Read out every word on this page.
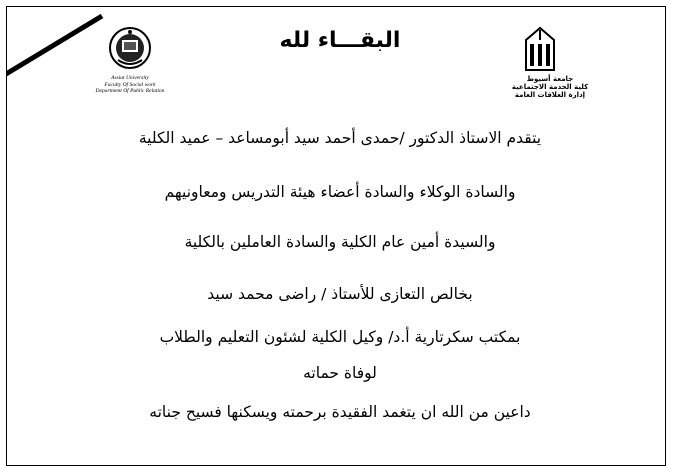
Assiut University
Faculty Of Social work
Department Of Public Relation
جامعة أسيوط
كلية الخدمة الاجتماعية
إدارة العلاقات العامة
البقـــاء لله
يتقدم الاستاذ الدكتور /حمدى أحمد سيد أبومساعد – عميد الكلية
والسادة الوكلاء والسادة أعضاء هيئة التدريس ومعاونيهم
والسيدة أمين عام الكلية والسادة العاملين بالكلية
بخالص التعازى للأستاذ / راضى محمد سيد
بمكتب سكرتارية أ.د/ وكيل الكلية لشئون التعليم والطلاب
لوفاة حماته
داعين من الله ان يتغمد الفقيدة برحمته ويسكنها فسيح جناته
